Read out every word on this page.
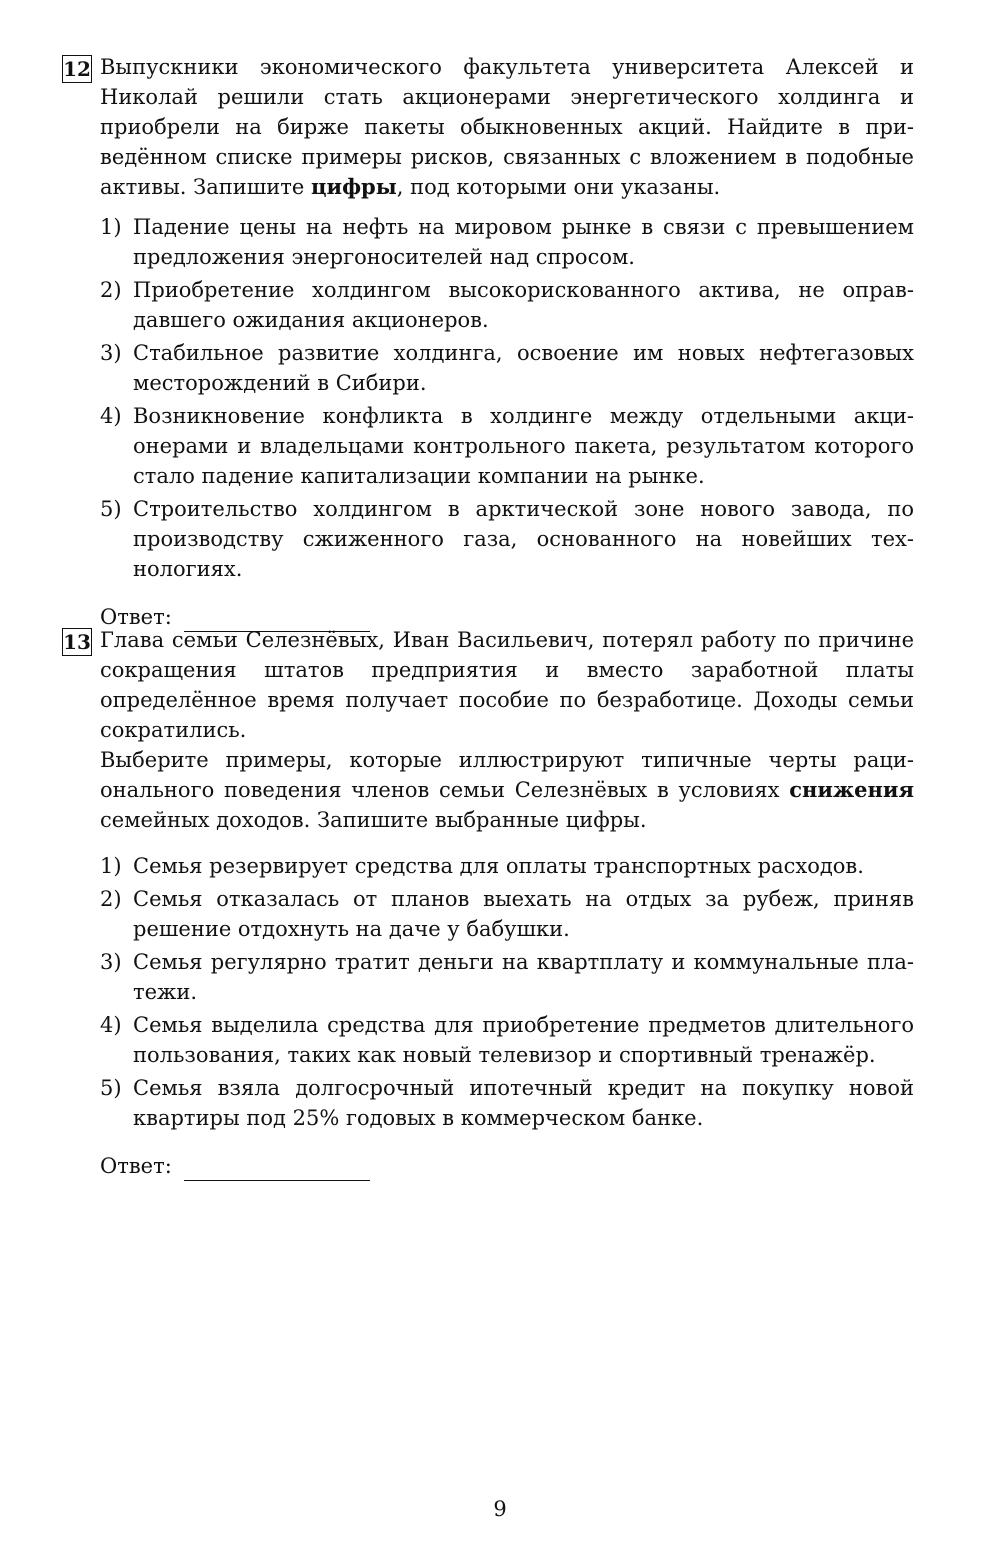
12 Выпускники экономического факультета университета Алексей и Николай решили стать акционерами энергетического холдинга и приобрели на бирже пакеты обыкновенных акций. Найдите в приведённом списке примеры рисков, связанных с вложением в подобные активы. Запишите цифры, под которыми они указаны.

1) Падение цены на нефть на мировом рынке в связи с превышением предложения энергоносителей над спросом.
2) Приобретение холдингом высокорискованного актива, не оправдавшего ожидания акционеров.
3) Стабильное развитие холдинга, освоение им новых нефтегазовых месторождений в Сибири.
4) Возникновение конфликта в холдинге между отдельными акционерами и владельцами контрольного пакета, результатом которого стало падение капитализации компании на рынке.
5) Строительство холдингом в арктической зоне нового завода, по производству сжиженного газа, основанного на новейших технологиях.
Ответ:
13 Глава семьи Селезнёвых, Иван Васильевич, потерял работу по причине сокращения штатов предприятия и вместо заработной платы определённое время получает пособие по безработице. Доходы семьи сократились.

Выберите примеры, которые иллюстрируют типичные черты рационального поведения членов семьи Селезнёвых в условиях снижения семейных доходов. Запишите выбранные цифры.

1) Семья резервирует средства для оплаты транспортных расходов.
2) Семья отказалась от планов выехать на отдых за рубеж, приняв решение отдохнуть на даче у бабушки.
3) Семья регулярно тратит деньги на квартплату и коммунальные платежи.
4) Семья выделила средства для приобретение предметов длительного пользования, таких как новый телевизор и спортивный тренажёр.
5) Семья взяла долгосрочный ипотечный кредит на покупку новой квартиры под 25% годовых в коммерческом банке.
Ответ:
9
